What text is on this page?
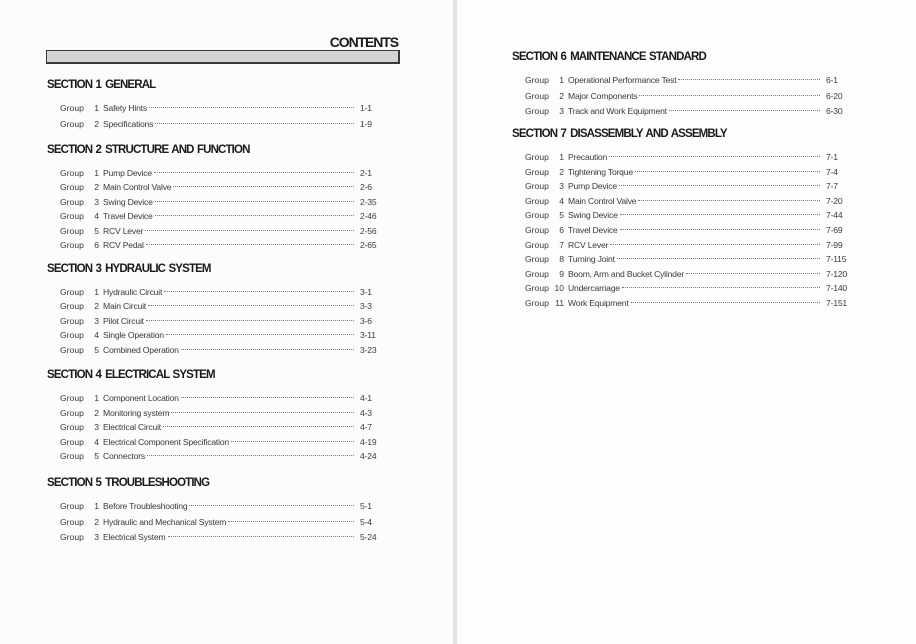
CONTENTS
SECTION 1 GENERAL
Group	1 Safety Hints	1-1
Group	2 Specifications	1-9
SECTION 2 STRUCTURE AND FUNCTION
Group	1 Pump Device	2-1
Group	2 Main Control Valve	2-6
Group	3 Swing Device	2-35
Group	4 Travel Device	2-46
Group	5 RCV Lever	2-56
Group	6 RCV Pedal	2-65
SECTION 3 HYDRAULIC SYSTEM
Group	1 Hydraulic Circuit	3-1
Group	2 Main Circuit	3-3
Group	3 Pilot Circuit	3-6
Group	4 Single Operation	3-11
Group	5 Combined Operation	3-23
SECTION 4 ELECTRICAL SYSTEM
Group	1 Component Location	4-1
Group	2 Monitoring system	4-3
Group	3 Electrical Circuit	4-7
Group	4 Electrical Component Specification	4-19
Group	5 Connectors	4-24
SECTION 5 TROUBLESHOOTING
Group	1 Before Troubleshooting	5-1
Group	2 Hydraulic and Mechanical System	5-4
Group	3 Electrical System	5-24
SECTION 6 MAINTENANCE STANDARD
Group	1 Operational Performance Test	6-1
Group	2 Major Components	6-20
Group	3 Track and Work Equipment	6-30
SECTION 7 DISASSEMBLY AND ASSEMBLY
Group	1 Precaution	7-1
Group	2 Tightening Torque	7-4
Group	3 Pump Device	7-7
Group	4 Main Control Valve	7-20
Group	5 Swing Device	7-44
Group	6 Travel Device	7-69
Group	7 RCV Lever	7-99
Group	8 Turning Joint	7-115
Group	9 Boom, Arm and Bucket Cylinder	7-120
Group 10 Undercarriage	7-140
Group 11 Work Equipment	7-151
